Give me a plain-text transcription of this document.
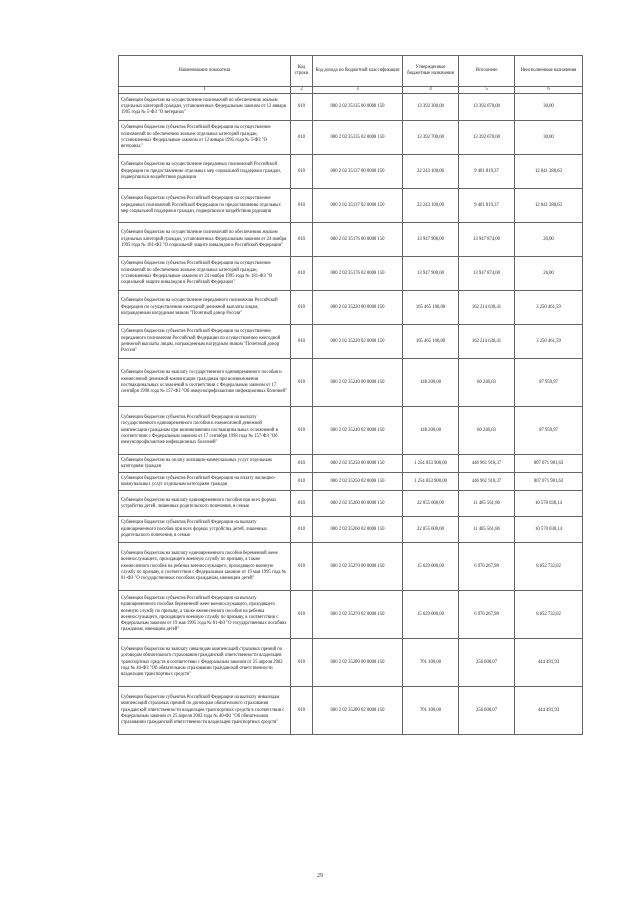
Наименование показателя	Код строки	Код дохода по бюджетной классификации	Утвержденные бюджетные назначения	Исполнено	Неисполненные назначения
1	2	3	4	5	6
Субвенции бюджетам на осуществление полномочий по обеспечению жильем отдельных категорий граждан, установленных Федеральным законом от 12 января 1995 года № 5-ФЗ "О ветеранах"	010	000 2 02 35135 00 0000 150	13 392 300,00	13 392 070,00	30,00
Субвенции бюджетам субъектов Российской Федерации на осуществление полномочий по обеспечению жильем отдельных категорий граждан, установленных Федеральным законом от 12 января 1995 года № 5-ФЗ "О ветеранах"	010	000 2 02 35135 02 0000 150	13 392 700,00	13 392 670,00	30,00
Субвенции бюджетам на осуществление переданных полномочий Российской Федерации по предоставлению отдельных мер социальной поддержки граждан, подвергшихся воздействию радиации	010	000 2 02 35137 00 0000 150	22 243 100,00	9 401 819,37	12 841 280,63
Субвенции бюджетам субъектов Российской Федерации на осуществление переданных полномочий Российской Федерации по предоставлению отдельных мер социальной поддержки граждан, подвергшихся воздействию радиации	010	000 2 02 35137 02 0000 150	22 243 100,00	9 401 819,37	12 841 280,63
Субвенции бюджетам на осуществление полномочий по обеспечению жильем отдельных категорий граждан, установленных Федеральным законом от 24 ноября 1995 года № 181-ФЗ "О социальной защите инвалидов в Российской Федерации"	010	000 2 02 35176 00 0000 150	13 947 900,00	13 947 874,00	26,00
Субвенции бюджетам субъектов Российской Федерации на осуществление полномочий по обеспечению жильем отдельных категорий граждан, установленных Федеральным законом от 24 ноября 1995 года № 181-ФЗ "О социальной защите инвалидов в Российской Федерации"	010	000 2 02 35176 02 0000 150	13 947 900,00	13 947 874,00	26,00
Субвенции бюджетам на осуществление переданного полномочия Российской Федерации по осуществлению ежегодной денежной выплаты лицам, награжденным нагрудным знаком "Почетный донор России"	010	000 2 02 35220 00 0000 150	165 465 100,00	162 214 638,41	3 250 461,59
Субвенции бюджетам субъектов Российской Федерации на осуществление переданного полномочия Российской Федерации по осуществлению ежегодной денежной выплаты лицам, награжденным нагрудным знаком "Почетный донор России"	010	000 2 02 35220 02 0000 150	165 465 100,00	162 214 638,41	3 250 461,59
Субвенции бюджетам на выплату государственного единовременного пособия и ежемесячной денежной компенсации гражданам при возникновении поствакцинальных осложнений в соответствии с Федеральным законом от 17 сентября 1998 года № 157-ФЗ "Об иммунопрофилактике инфекционных болезней"	010	000 2 02 35240 00 0000 150	148 200,00	60 240,03	87 959,97
Субвенции бюджетам субъектов Российской Федерации на выплату государственного единовременного пособия и ежемесячной денежной компенсации гражданам при возникновении поствакцинальных осложнений в соответствии с Федеральным законом от 17 сентября 1998 года № 157-ФЗ "Об иммунопрофилактике инфекционных болезней"	010	000 2 02 35240 02 0000 150	148 200,00	60 240,03	87 959,97
Субвенции бюджетам на оплату жилищно-коммунальных услуг отдельным категориям граждан	010	000 2 02 35250 00 0000 150	1 254 033 900,00	446 961 918,37	807 071 981,63
Субвенции бюджетам субъектов Российской Федерации на оплату жилищно-коммунальных услуг отдельным категориям граждан	010	000 2 02 35250 02 0000 150	1 254 033 900,00	446 961 918,37	807 071 981,63
Субвенции бюджетам на выплату единовременного пособия при всех формах устройства детей, лишенных родительского попечения, в семью	010	000 2 02 35260 00 0000 150	22 055 600,00	11 485 561,86	10 570 038,14
Субвенции бюджетам субъектов Российской Федерации на выплату единовременного пособия при всех формах устройства детей, лишенных родительского попечения, в семью	010	000 2 02 35260 02 0000 150	22 055 600,00	11 485 561,86	10 570 038,14
Субвенции бюджетам на выплату единовременного пособия беременной жене военнослужащего, проходящего военную службу по призыву, а также ежемесячного пособия на ребенка военнослужащего, проходящего военную службу по призыву, в соответствии с Федеральным законом от 19 мая 1995 года № 81-ФЗ "О государственных пособиях гражданам, имеющим детей"	010	000 2 02 35270 00 0000 150	15 629 000,00	6 976 267,98	8 652 732,02
Субвенции бюджетам субъектов Российской Федерации на выплату единовременного пособия беременной жене военнослужащего, проходящего военную службу по призыву, а также ежемесячного пособия на ребенка военнослужащего, проходящего военную службу по призыву, в соответствии с Федеральным законом от 19 мая 1995 года № 81-ФЗ "О государственных пособиях гражданам, имеющим детей"	010	000 2 02 35270 02 0000 150	15 629 000,00	6 976 267,98	8 652 732,02
Субвенции бюджетам на выплату инвалидам компенсаций страховых премий по договорам обязательного страхования гражданской ответственности владельцев транспортных средств в соответствии с Федеральным законом от 25 апреля 2002 года № 40-ФЗ "Об обязательном страховании гражданской ответственности владельцев транспортных средств"	010	000 2 02 35280 00 0000 150	701 100,00	256 608,07	444 491,93
Субвенции бюджетам субъектов Российской Федерации на выплату инвалидам компенсаций страховых премий по договорам обязательного страхования гражданской ответственности владельцев транспортных средств в соответствии с Федеральным законом от 25 апреля 2002 года № 40-ФЗ "Об обязательном страховании гражданской ответственности владельцев транспортных средств"	010	000 2 02 35280 02 0000 150	701 100,00	256 608,07	444 491,93
29
